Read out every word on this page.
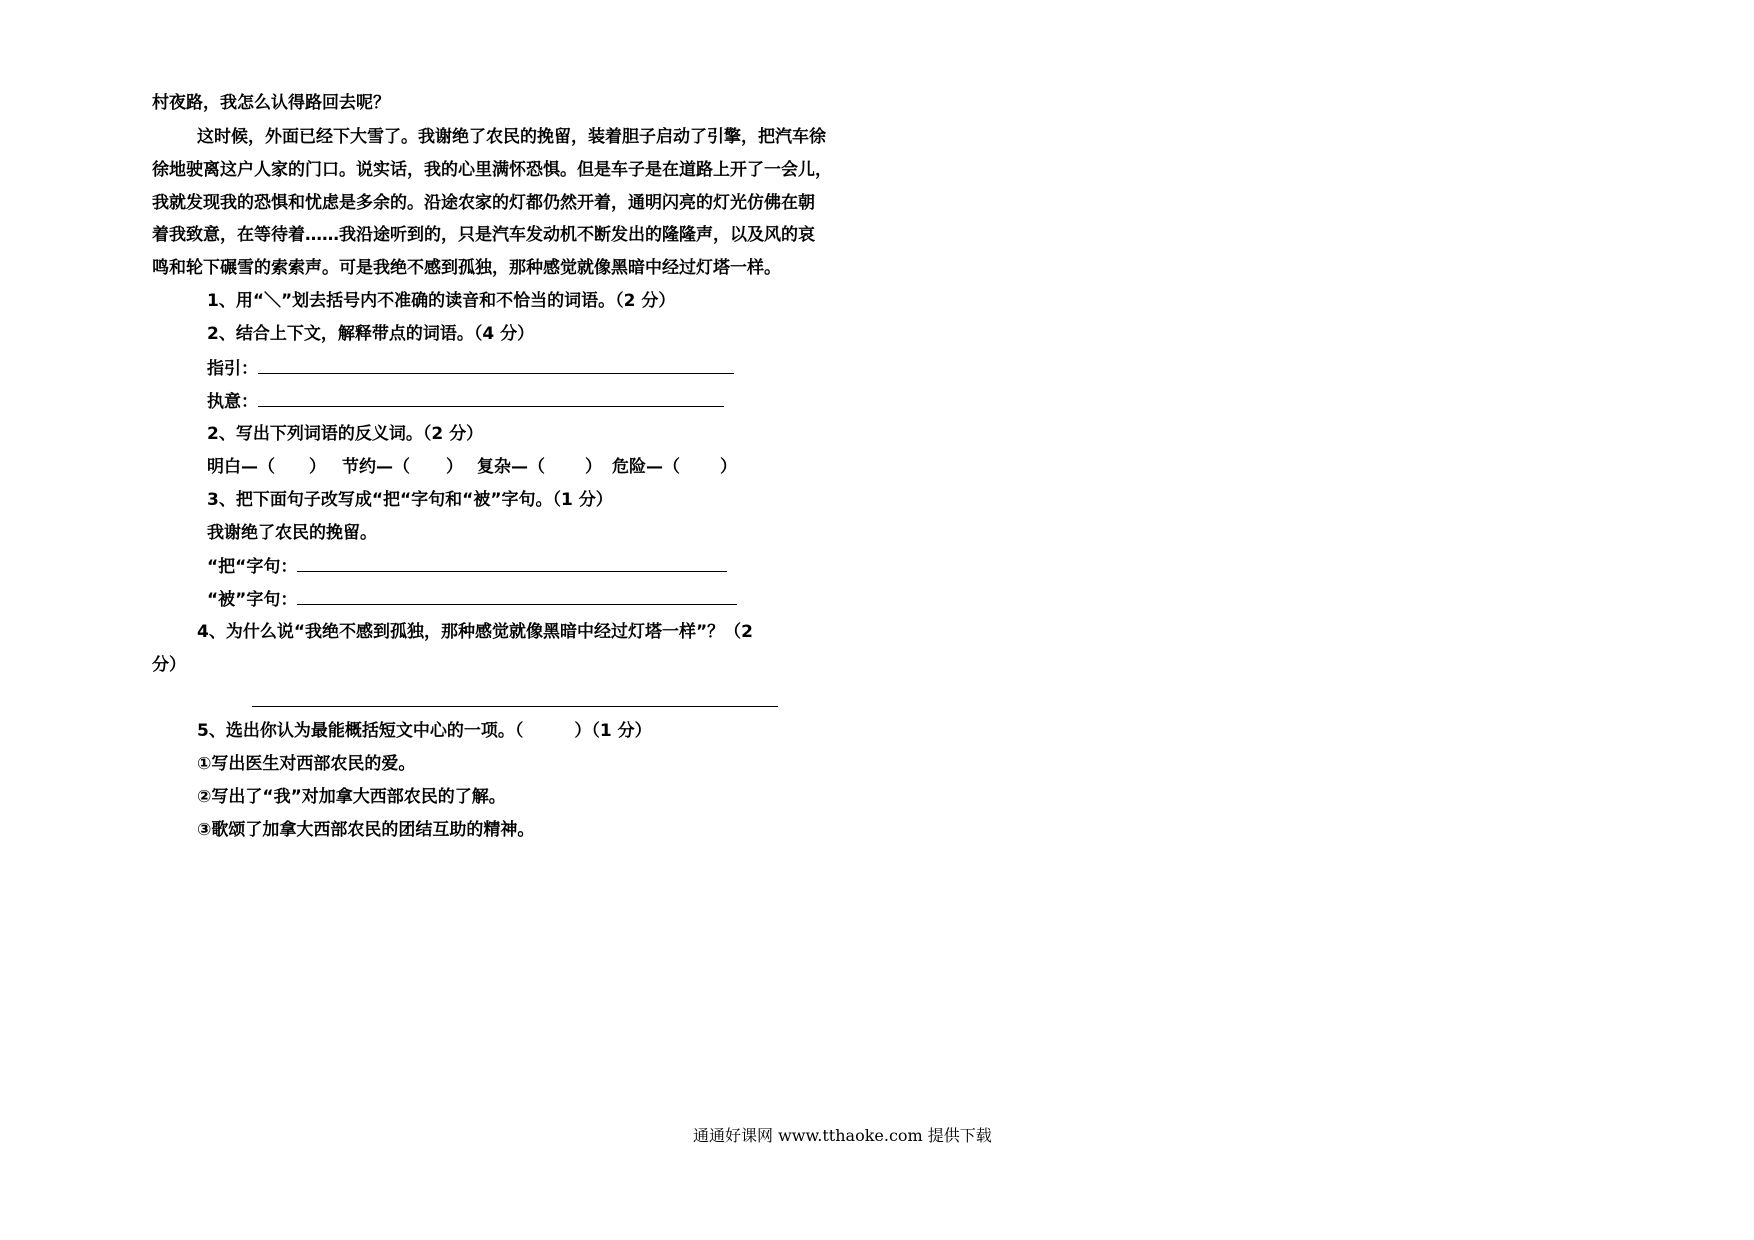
村夜路，我怎么认得路回去呢？
这时候，外面已经下大雪了。我谢绝了农民的挽留，装着胆子启动了引擎，把汽车徐
徐地驶离这户人家的门口。说实话，我的心里满怀恐惧。但是车子是在道路上开了一会儿，
我就发现我的恐惧和忧虑是多余的。沿途农家的灯都仍然开着，通明闪亮的灯光仿佛在朝
着我致意，在等待着……我沿途听到的，只是汽车发动机不断发出的隆隆声，以及风的哀
鸣和轮下碾雪的索索声。可是我绝不感到孤独，那种感觉就像黑暗中经过灯塔一样。
1、用“＼”划去括号内不准确的读音和不恰当的词语。（2 分）
2、结合上下文，解释带点的词语。（4 分）
指引：
执意：
2、写出下列词语的反义词。（2 分）
明白—（ ） 节约—（ ） 复杂—（ ） 危险—（ ）
3、把下面句子改写成“把“字句和“被”字句。（1 分）
我谢绝了农民的挽留。
“把“字句：
“被”字句：
4、为什么说“我绝不感到孤独，那种感觉就像黑暗中经过灯塔一样”？（2
分）
5、选出你认为最能概括短文中心的一项。（　　　）（1 分）
①写出医生对西部农民的爱。
②写出了“我”对加拿大西部农民的了解。
③歌颂了加拿大西部农民的团结互助的精神。
通通好课网 www.tthaoke.com 提供下载
